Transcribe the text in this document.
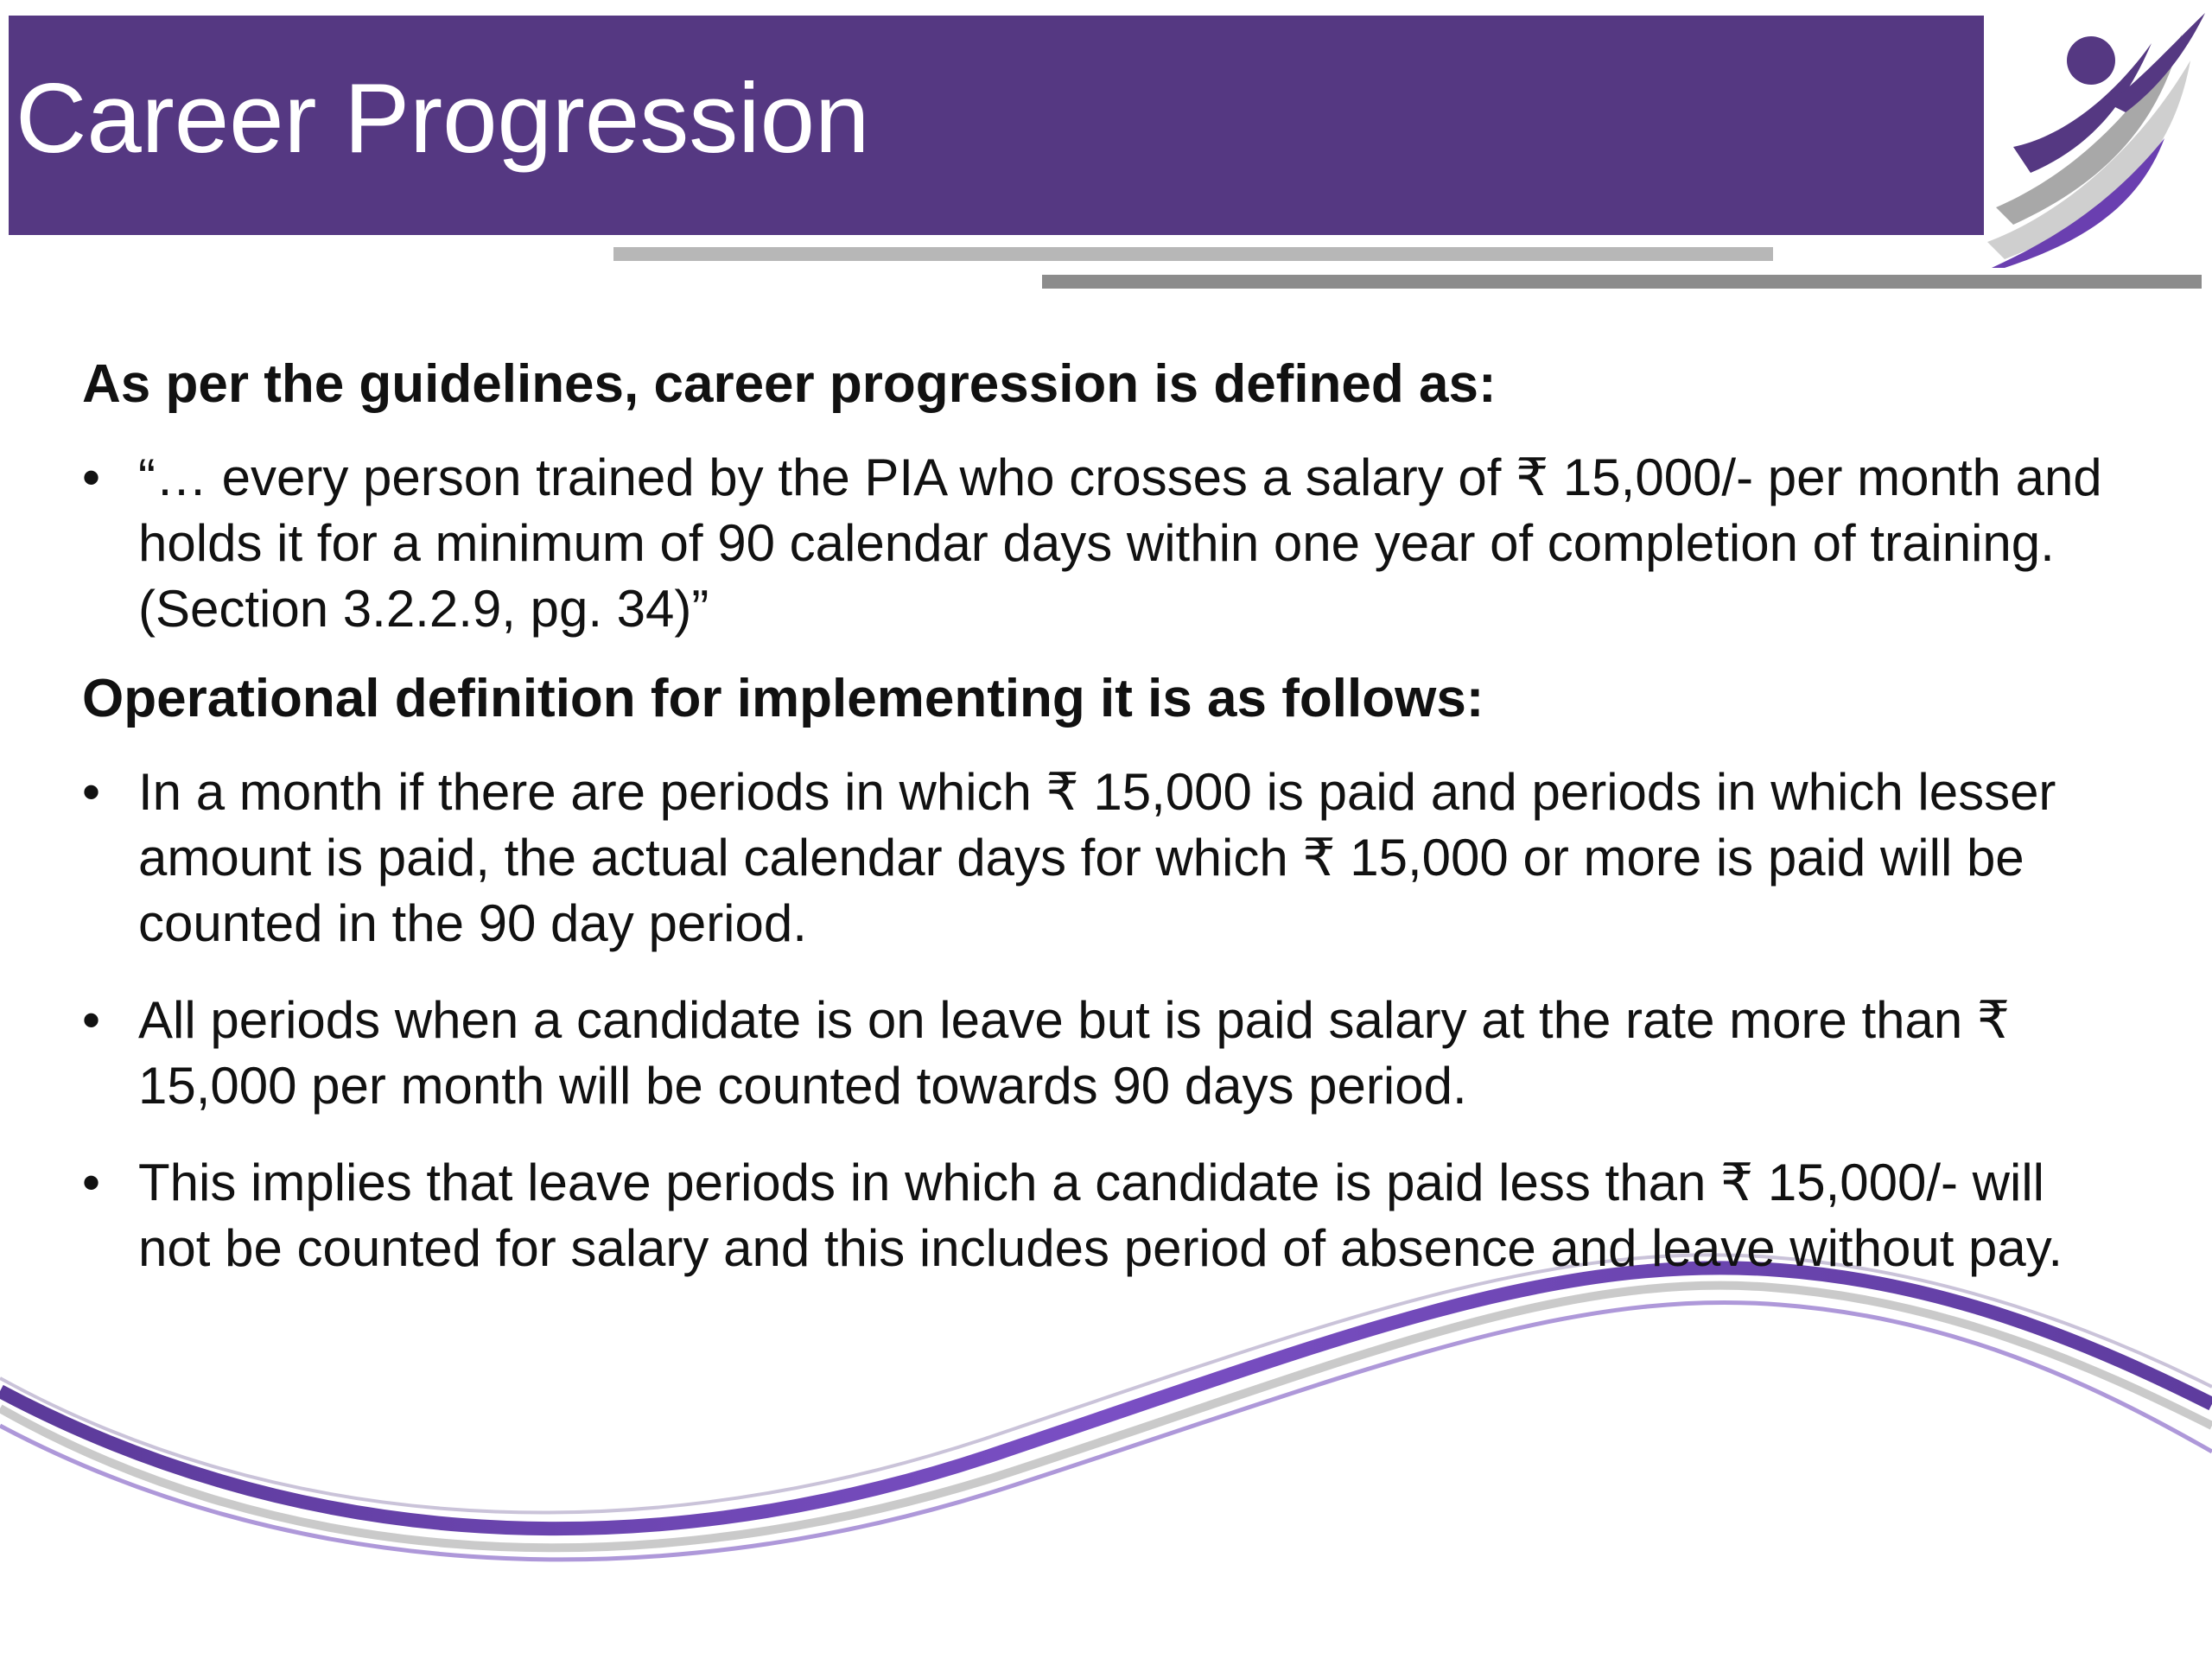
Career Progression

As per the guidelines, career progression is defined as:

• “… every person trained by the PIA who crosses a salary of ₹ 15,000/- per month and
holds it for a minimum of 90 calendar days within one year of completion of training.
(Section 3.2.2.9, pg. 34)”

Operational definition for implementing it is as follows:

• In a month if there are periods in which ₹ 15,000 is paid and periods in which lesser
amount is paid, the actual calendar days for which ₹ 15,000 or more is paid will be
counted in the 90 day period.
• All periods when a candidate is on leave but is paid salary at the rate more than ₹
15,000 per month will be counted towards 90 days period.
• This implies that leave periods in which a candidate is paid less than ₹ 15,000/- will
not be counted for salary and this includes period of absence and leave without pay.
